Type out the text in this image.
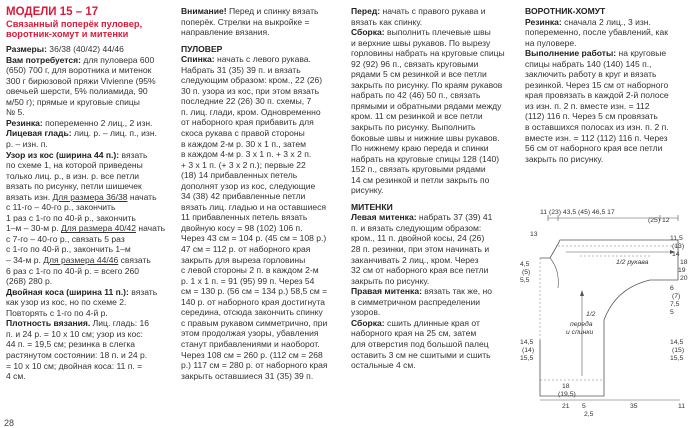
МОДЕЛИ 15 – 17

Связанный поперёк пуловер,

воротник-хомут и митенки

Размеры: 36/38 (40/42) 44/46

Вам потребуется: для пуловера 600

(650) 700 г, для воротника и митенок

300 г бирюзовой пряжи Vivienne (95%

овечьей шерсти, 5% полиамида, 90

м/50 г); прямые и круговые спицы

№ 5.

Резинка: попеременно 2 лиц., 2 изн.

Лицевая гладь: лиц. р. – лиц. п., изн.

р. – изн. п.

Узор из кос (ширина 44 п.): вязать

по схеме 1, на которой приведены

только лиц. р., в изн. р. все петли

вязать по рисунку, петли шишечек

вязать изн. Для размера 36/38 начать

с 11-го – 40-го р., закончить

1 раз с 1-го по 40-й р., закончить

1–м – 30-м р. Для размера 40/42 начать

с 7-го – 40-го р., связать 5 раз

с 1-го по 40-й р., закончить 1–м

– 34-м р. Для размера 44/46 связать

6 раз с 1-го по 40-й р. = всего 260

(268) 280 р.

Двойная коса (ширина 11 п.): вязать

как узор из кос, но по схеме 2.

Повторять с 1-го по 4-й р.

Плотность вязания. Лиц. гладь: 16

п. и 24 р. = 10 х 10 см; узор из кос:

44 п. = 19,5 см; резинка в слегка

растянутом состоянии: 18 п. и 24 р.

= 10 х 10 см; двойная коса: 11 п. =

4 см.

Внимание! Перед и спинку вязать

поперёк. Стрелки на выкройке =

направление вязания.

ПУЛОВЕР

Спинка: начать с левого рукава.

Набрать 31 (35) 39 п. и вязать

следующим образом: кром., 22 (26)

30 п. узора из кос, при этом вязать

последние 22 (26) 30 п. схемы, 7

п. лиц. глади, кром. Одновременно

от наборного края прибавить для

скоса рукава с правой стороны

в каждом 2-м р. 30 х 1 п., затем

в каждом 4-м р. 3 х 1 п. + 3 х 2 п.

+ 3 х 1 п. (+ 3 х 2 п.); первые 22

(18) 14 прибавленных петель

дополнят узор из кос, следующие

34 (38) 42 прибавленные петли

вязать лиц. гладью и на оставшиеся

11 прибавленных петель вязать

двойную косу = 98 (102) 106 п.

Через 43 см = 104 р. (45 см = 108 р.)

47 см = 112 р. от наборного края

закрыть для выреза горловины

с левой стороны 2 п. в каждом 2-м

р. 1 х 1 п. = 91 (95) 99 п. Через 54

см = 130 р. (56 см = 134 р.) 58,5 см =

140 р. от наборного края достигнута

середина, отсюда закончить спинку

с правым рукавом симметрично, при

этом продолжая узоры, убавления

станут прибавлениями и наоборот.

Через 108 см = 260 р. (112 см = 268

р.) 117 см = 280 р. от наборного края

закрыть оставшиеся 31 (35) 39 п.

Перед: начать с правого рукава и

вязать как спинку.

Сборка: выполнить плечевые швы

и верхние швы рукавов. По вырезу

горловины набрать на круговые спицы

92 (92) 96 п., связать круговыми

рядами 5 см резинкой и все петли

закрыть по рисунку. По краям рукавов

набрать по 42 (46) 50 п., связать

прямыми и обратными рядами между

кром. 11 см резинкой и все петли

закрыть по рисунку. Выполнить

боковые швы и нижние швы рукавов.

По нижнему краю переда и спинки

набрать на круговые спицы 128 (140)

152 п., связать круговыми рядами

14 см резинкой и петли закрыть по

рисунку.

МИТЕНКИ

Левая митенка: набрать 37 (39) 41

п. и вязать следующим образом:

кром., 11 п. двойной косы, 24 (26)

28 п. резинки, при этом начинать и

заканчивать 2 лиц., кром. Через

32 см от наборного края все петли

закрыть по рисунку.

Правая митенка: вязать так же, но

в симметричном распределении

узоров.

Сборка: сшить длинные края от

наборного края на 25 см, затем

для отверстия под большой палец

оставить 3 см не сшитыми и сшить

остальные 4 см.

ВОРОТНИК-ХОМУТ

Резинка: сначала 2 лиц., 3 изн.

попеременно, после убавлений, как

на пуловере.

Выполнение работы: на круговые

спицы набрать 140 (140) 145 п.,

заключить работу в круг и вязать

резинкой. Через 15 см от наборного

края провязать в каждой 2-й полосе

из изн. п. 2 п. вместе изн. = 112

(112) 116 п. Через 5 см провязать

в оставшихся полосах из изн. п. 2 п.

вместе изн. = 112 (112) 116 п. Через

56 см от наборного края все петли

закрыть по рисунку.

11 (23) 43,5 (45) 46,5 17
(25) 12
13
4,5
(5)
5,5
1/2 рукава
11,5
(13)
14
18
19
20
6
(7)
7,5
5
1/2
переда
и спинки
14,5
(14)
15,5
14,5
(15)
15,5
18
(19,5)
21 5	35	11
2,5
28
